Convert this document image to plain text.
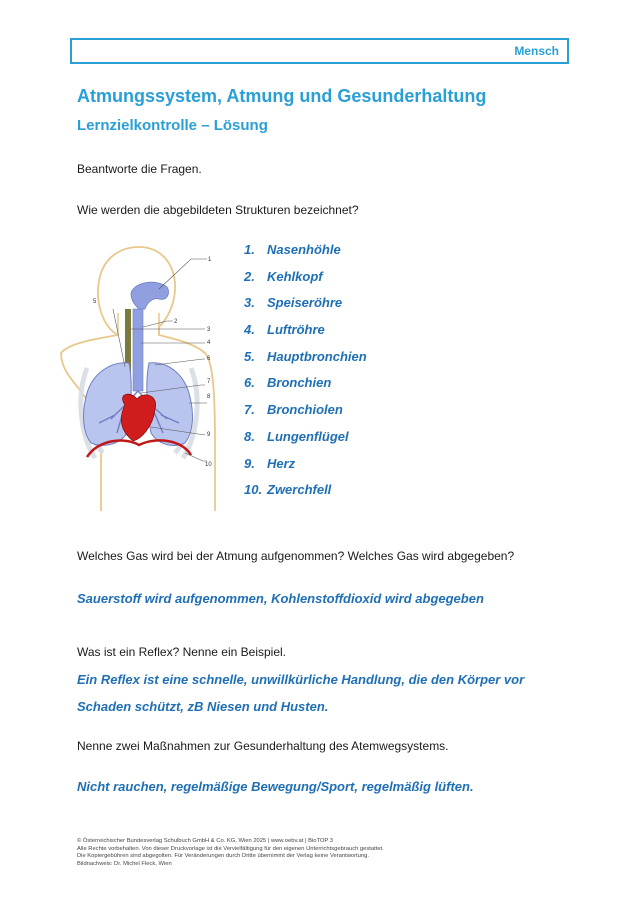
Mensch
Atmungssystem, Atmung und Gesunderhaltung
Lernzielkontrolle – Lösung
Beantworte die Fragen.
Wie werden die abgebildeten Strukturen bezeichnet?
1
2
3
4
5
6
7
8
9
10
1. Nasenhöhle
2. Kehlkopf
3. Speiseröhre
4. Luftröhre
5. Hauptbronchien
6. Bronchien
7. Bronchiolen
8. Lungenflügel
9. Herz
10. Zwerchfell
Welches Gas wird bei der Atmung aufgenommen? Welches Gas wird abgegeben?
Sauerstoff wird aufgenommen, Kohlenstoffdioxid wird abgegeben
Was ist ein Reflex? Nenne ein Beispiel.
Ein Reflex ist eine schnelle, unwillkürliche Handlung, die den Körper vor
Schaden schützt, zB Niesen und Husten.
Nenne zwei Maßnahmen zur Gesunderhaltung des Atemwegsystems.
Nicht rauchen, regelmäßige Bewegung/Sport, regelmäßig lüften.
© Österreichischer Bundesverlag Schulbuch GmbH & Co. KG, Wien 2025 | www.oebv.at | BioTOP 3
Alle Rechte vorbehalten. Von dieser Druckvorlage ist die Vervielfältigung für den eigenen Unterrichtsgebrauch gestattet.
Die Kopiergebühren sind abgegolten. Für Veränderungen durch Dritte übernimmt der Verlag keine Verantwortung.
Bildnachweis: Dr. Michel Fleck, Wien
